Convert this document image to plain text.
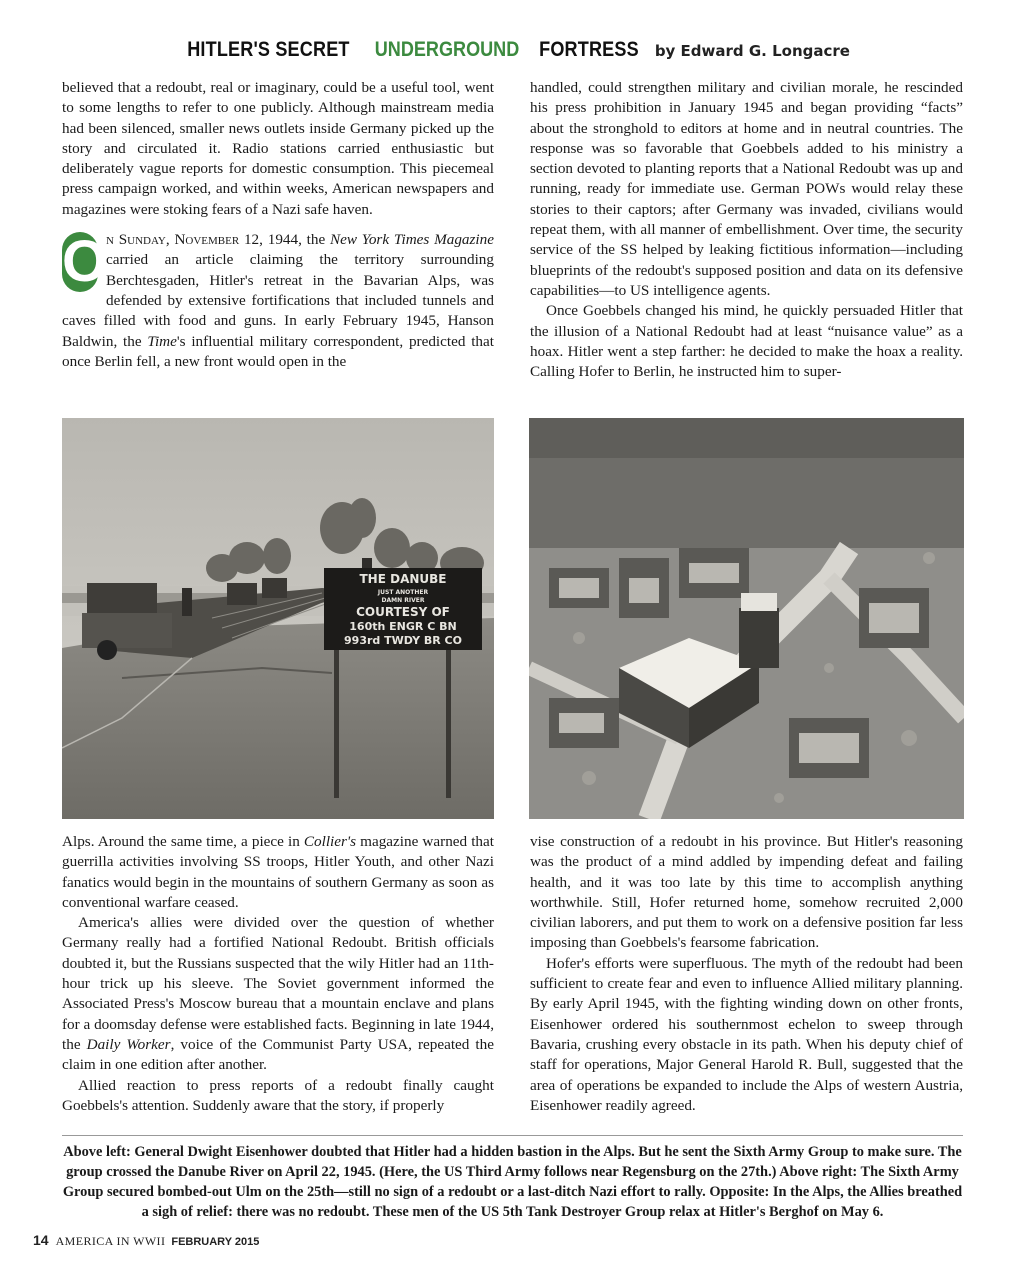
HITLER'S SECRETUNDERGROUNDFORTRESS by Edward G. Longacre

believed that a redoubt, real or imaginary, could be a useful tool, went to some lengths to refer to one publicly. Although mainstream media had been silenced, smaller news outlets inside Germany picked up the story and circulated it. Radio stations carried enthusiastic but deliberately vague reports for domestic consumption. This piecemeal press campaign worked, and within weeks, American newspapers and magazines were stoking fears of a Nazi safe haven.

O
n Sunday, November 12, 1944, the New York Times Magazine carried an article claiming the territory surrounding Berchtesgaden, Hitler's retreat in the Bavarian Alps, was defended by extensive fortifications that included tunnels and caves filled with food and guns. In early February 1945, Hanson Baldwin, the Time's influential military correspondent, predicted that once Berlin fell, a new front would open in the

handled, could strengthen military and civilian morale, he rescinded his press prohibition in January 1945 and began providing “facts” about the stronghold to editors at home and in neutral countries. The response was so favorable that Goebbels added to his ministry a section devoted to planting reports that a National Redoubt was up and running, ready for immediate use. German POWs would relay these stories to their captors; after Germany was invaded, civilians would repeat them, with all manner of embellishment. Over time, the security service of the SS helped by leaking fictitious information—including blueprints of the redoubt's supposed position and data on its defensive capabilities—to US intelligence agents.

Once Goebbels changed his mind, he quickly persuaded Hitler that the illusion of a National Redoubt had at least “nuisance value” as a hoax. Hitler went a step farther: he decided to make the hoax a reality. Calling Hofer to Berlin, he instructed him to super-

THE DANUBE
JUST ANOTHER
DAMN RIVER
COURTESY OF
160th ENGR C BN
993rd TWDY BR CO

Alps. Around the same time, a piece in Collier's magazine warned that guerrilla activities involving SS troops, Hitler Youth, and other Nazi fanatics would begin in the mountains of southern Germany as soon as conventional warfare ceased.

America's allies were divided over the question of whether Germany really had a fortified National Redoubt. British officials doubted it, but the Russians suspected that the wily Hitler had an 11th-hour trick up his sleeve. The Soviet government informed the Associated Press's Moscow bureau that a mountain enclave and plans for a doomsday defense were established facts. Beginning in late 1944, the Daily Worker, voice of the Communist Party USA, repeated the claim in one edition after another.

Allied reaction to press reports of a redoubt finally caught Goebbels's attention. Suddenly aware that the story, if properly

vise construction of a redoubt in his province. But Hitler's reasoning was the product of a mind addled by impending defeat and failing health, and it was too late by this time to accomplish anything worthwhile. Still, Hofer returned home, somehow recruited 2,000 civilian laborers, and put them to work on a defensive position far less imposing than Goebbels's fearsome fabrication.

Hofer's efforts were superfluous. The myth of the redoubt had been sufficient to create fear and even to influence Allied military planning. By early April 1945, with the fighting winding down on other fronts, Eisenhower ordered his southernmost echelon to sweep through Bavaria, crushing every obstacle in its path. When his deputy chief of staff for operations, Major General Harold R. Bull, suggested that the area of operations be expanded to include the Alps of western Austria, Eisenhower readily agreed.

Above left: General Dwight Eisenhower doubted that Hitler had a hidden bastion in the Alps. But he sent the Sixth Army Group to make sure. The group crossed the Danube River on April 22, 1945. (Here, the US Third Army follows near Regensburg on the 27th.) Above right: The Sixth Army Group secured bombed-out Ulm on the 25th—still no sign of a redoubt or a last-ditch Nazi effort to rally. Opposite: In the Alps, the Allies breathed a sigh of relief: there was no redoubt. These men of the US 5th Tank Destroyer Group relax at Hitler's Berghof on May 6.
14 AMERICA IN WWII FEBRUARY 2015
